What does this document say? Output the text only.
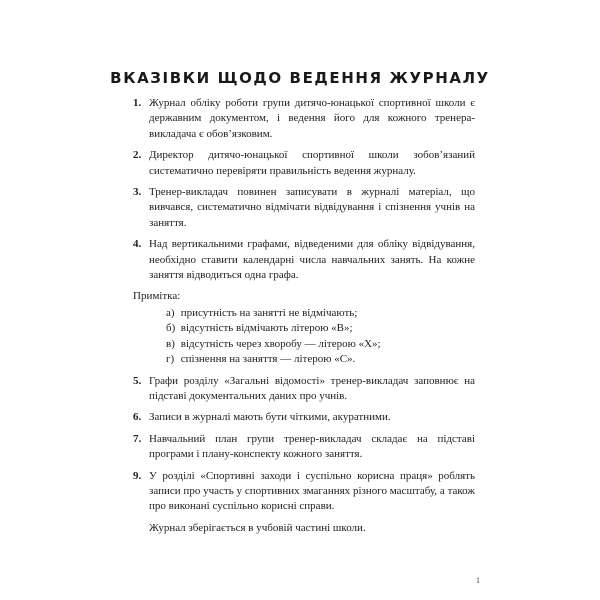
ВКАЗІВКИ ЩОДО ВЕДЕННЯ ЖУРНАЛУ
1. Журнал обліку роботи групи дитячо-юнацької спортивної школи є державним документом, і ведення його для кожного тренера-викладача є обов’язковим.
2. Директор дитячо-юнацької спортивної школи зобов’язаний систематично перевіряти правильність ведення журналу.
3. Тренер-викладач повинен записувати в журналі матеріал, що вивчався, систематично відмічати відвідування і спізнення учнів на заняття.
4. Над вертикальними графами, відведеними для обліку відвідування, необхідно ставити календарні числа навчальних занять. На кожне заняття відводиться одна графа.
Примітка:
а) присутність на занятті не відмічають;
б) відсутність відмічають літерою «В»;
в) відсутність через хворобу — літерою «Х»;
г) спізнення на заняття — літерою «С».
5. Графи розділу «Загальні відомості» тренер-викладач заповнює на підставі документальних даних про учнів.
6. Записи в журналі мають бути чіткими, акуратними.
7. Навчальний план групи тренер-викладач складає на підставі програми і плану-конспекту кожного заняття.
9. У розділі «Спортивні заходи і суспільно корисна праця» роблять записи про участь у спортивних змаганнях різного масштабу, а також про виконані суспільно корисні справи.
Журнал зберігається в учбовій частині школи.
1
